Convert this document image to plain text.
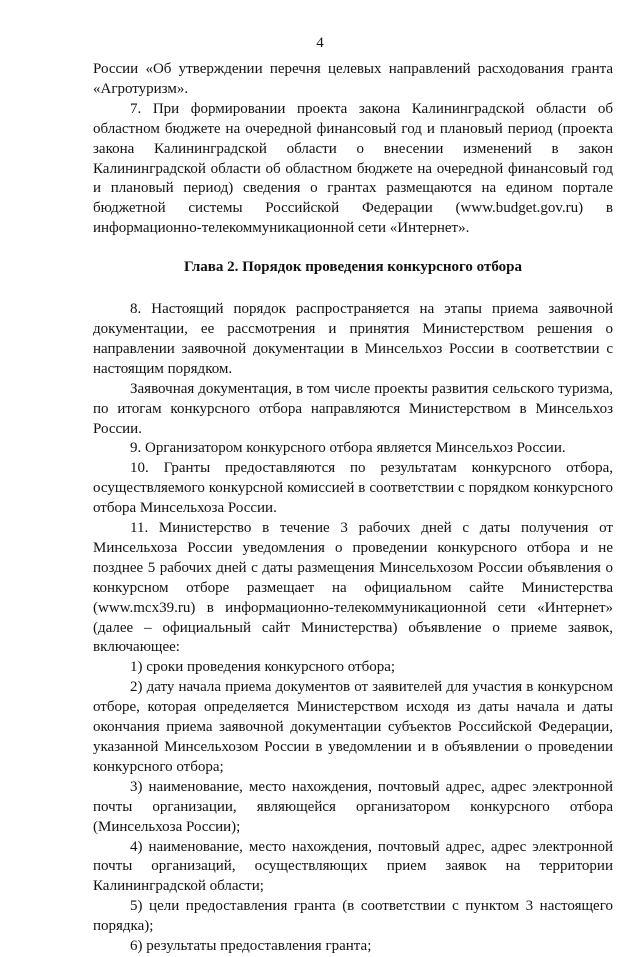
4

России «Об утверждении перечня целевых направлений расходования гранта «Агротуризм».

7. При формировании проекта закона Калининградской области об областном бюджете на очередной финансовый год и плановый период (проекта закона Калининградской области о внесении изменений в закон Калининградской области об областном бюджете на очередной финансовый год и плановый период) сведения о грантах размещаются на едином портале бюджетной системы Российской Федерации (www.budget.gov.ru) в информационно-телекоммуникационной сети «Интернет».

Глава 2. Порядок проведения конкурсного отбора

8. Настоящий порядок распространяется на этапы приема заявочной документации, ее рассмотрения и принятия Министерством решения о направлении заявочной документации в Минсельхоз России в соответствии с настоящим порядком.

Заявочная документация, в том числе проекты развития сельского туризма, по итогам конкурсного отбора направляются Министерством в Минсельхоз России.

9. Организатором конкурсного отбора является Минсельхоз России.

10. Гранты предоставляются по результатам конкурсного отбора, осуществляемого конкурсной комиссией в соответствии с порядком конкурсного отбора Минсельхоза России.

11. Министерство в течение 3 рабочих дней с даты получения от Минсельхоза России уведомления о проведении конкурсного отбора и не позднее 5 рабочих дней с даты размещения Минсельхозом России объявления о конкурсном отборе размещает на официальном сайте Министерства (www.mcx39.ru) в информационно-телекоммуникационной сети «Интернет» (далее – официальный сайт Министерства) объявление о приеме заявок, включающее:

1) сроки проведения конкурсного отбора;

2) дату начала приема документов от заявителей для участия в конкурсном отборе, которая определяется Министерством исходя из даты начала и даты окончания приема заявочной документации субъектов Российской Федерации, указанной Минсельхозом России в уведомлении и в объявлении о проведении конкурсного отбора;

3) наименование, место нахождения, почтовый адрес, адрес электронной почты организации, являющейся организатором конкурсного отбора (Минсельхоза России);

4) наименование, место нахождения, почтовый адрес, адрес электронной почты организаций, осуществляющих прием заявок на территории Калининградской области;

5) цели предоставления гранта (в соответствии с пунктом 3 настоящего порядка);

6) результаты предоставления гранта;
